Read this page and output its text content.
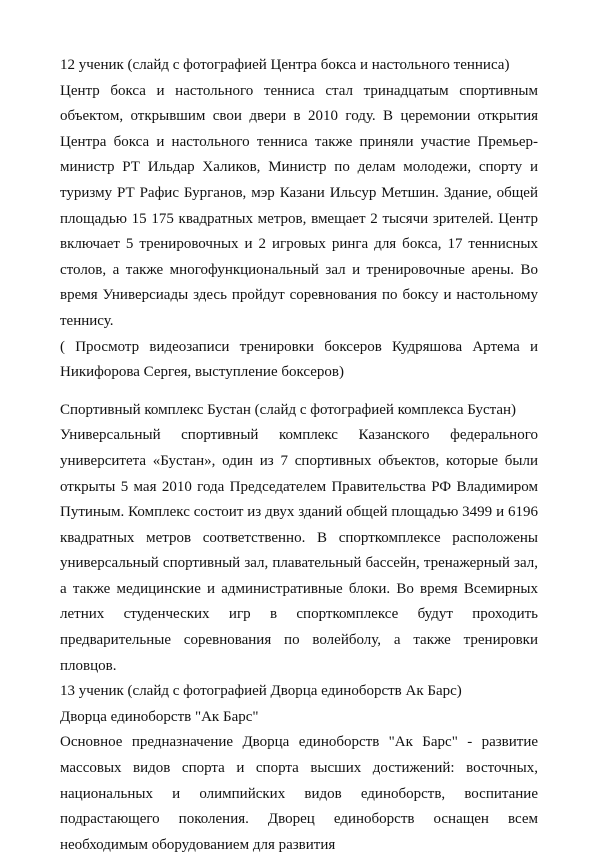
12 ученик (слайд с фотографией Центра бокса и настольного тенниса)

Центр бокса и настольного тенниса стал тринадцатым спортивным объектом, открывшим свои двери в 2010 году. В церемонии открытия Центра бокса и настольного тенниса также приняли участие Премьер-министр РТ Ильдар Халиков, Министр по делам молодежи, спорту и туризму РТ Рафис Бурганов, мэр Казани Ильсур Метшин. Здание, общей площадью 15 175 квадратных метров, вмещает 2 тысячи зрителей. Центр включает 5 тренировочных и 2 игровых ринга для бокса, 17 теннисных столов, а также многофункциональный зал и тренировочные арены. Во время Универсиады здесь пройдут соревнования по боксу и настольному теннису.

( Просмотр видеозаписи тренировки боксеров Кудряшова Артема и Никифорова Сергея, выступление боксеров)

Спортивный комплекс Бустан (слайд с фотографией комплекса Бустан)

Универсальный спортивный комплекс Казанского федерального университета «Бустан», один из 7 спортивных объектов, которые были открыты 5 мая 2010 года Председателем Правительства РФ Владимиром Путиным. Комплекс состоит из двух зданий общей площадью 3499 и 6196 квадратных метров соответственно. В спорткомплексе расположены универсальный спортивный зал, плавательный бассейн, тренажерный зал, а также медицинские и административные блоки. Во время Всемирных летних студенческих игр в спорткомплексе будут проходить предварительные соревнования по волейболу, а также тренировки пловцов.

13 ученик (слайд с фотографией Дворца единоборств Ак Барс)

Дворца единоборств "Ак Барс"

Основное предназначение Дворца единоборств "Ак Барс" - развитие массовых видов спорта и спорта высших достижений: восточных, национальных и олимпийских видов единоборств, воспитание подрастающего поколения. Дворец единоборств оснащен всем необходимым оборудованием для развития
